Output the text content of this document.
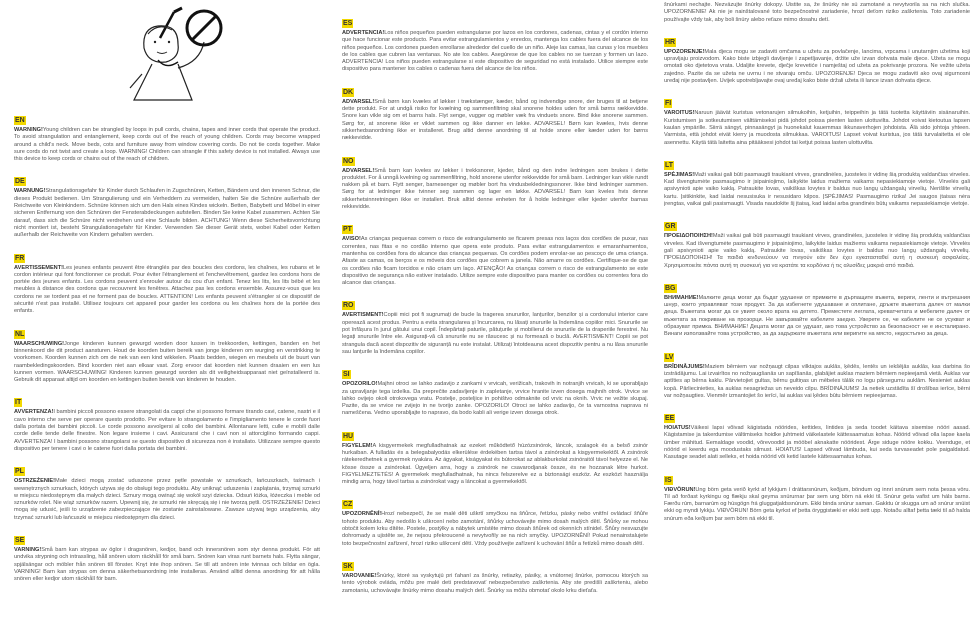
EN
WARNING!Young children can be strangled by loops in pull cords, chains, tapes and inner cords that operate the product. To avoid strangulation and entanglement, keep cords out of the reach of young children. Cords may become wrapped around a child's neck. Move beds, cots and furniture away from window covering cords. Do not tie cords together. Make sure cords do not twist and create a loop. WARNING! Children can strangle if this safety device is not installed. Always use this device to keep cords or chains out of the reach of children.
DE
WARNUNG!Strangulationsgefahr für Kinder durch Schlaufen in Zugschnüren, Ketten, Bändern und den inneren Schnur, die dieses Produkt bedienen. Um Strangulierung und ein Verheddern zu vermeiden, halten Sie die Schnüre außerhalb der Reichweite von Kleinkindern. Schnüre können sich um den Hals eines Kindes wickeln. Betten, Babybett und Möbel in einer sicheren Entfernung von den Schnüren der Fensterabdeckungen aufstellen. Binden Sie keine Kabel zusammen. Achten Sie darauf, dass sich die Schnüre nicht verdrehen und eine Schlaufe bilden. ACHTUNG! Wenn diese Sicherheitsvorrichtung nicht montiert ist, besteht Strangulationsgefahr für Kinder. Verwenden Sie dieser Gerät stets, wobei Kabel oder Ketten außerhalb der Reichweite von Kindern gehalten werden.
FR
AVERTISSEMENT!Les jeunes enfants peuvent être étranglés par des boucles des cordons, les chaînes, les rubans et le cordon intérieur qui font fonctionner ce produit. Pour éviter l'étranglement et l'enchevêtrement, gardez les cordons hors de portée des jeunes enfants. Les cordons peuvent s'enrouler autour du cou d'un enfant. Tenez les lits, les lits bébé et les meubles à distance des cordons que recouvrent les fenêtres. Attachez pas les cordons ensemble. Assurez-vous que les cordons ne se tordent pas et ne forment pas de boucles. ATTENTION! Les enfants peuvent s'étrangler si ce dispositif de sécurité n'est pas installé. Utilisez toujours cet appareil pour garder les cordons ou les chaînes hors de la portée des enfants.
NL
WAARSCHUWING!Jonge kinderen kunnen gewurgd worden door lussen in trekkoorden, kettingen, banden en het binnenkoord die dit product aansturen. Houd de koorden buiten bereik van jonge kinderen om wurging en verstrikking te voorkomen. Koorden kunnen zich om de nek van een kind wikkelen. Plaats bedden, wiegen en meubels uit de buurt van raambekledingskoorden. Bind koorden niet aan elkaar vast. Zorg ervoor dat koorden niet kunnen draaien en een lus kunnen vormen. WAARSCHUWING! Kinderen kunnen gewurgd worden als dit veiligheidsapparaat niet geïnstalleerd is. Gebruik dit apparaat altijd om koorden en kettingen buiten bereik van kinderen te houden.
IT
AVVERTENZA!I bambini piccoli possono essere strangolati da cappi che si possono formare tirando cavi, catene, nastri e il cavo interno che serve per operare questo prodotto. Per evitare lo strangolamento e l'impigliamento tenere le corde fuori dalla portata dei bambini piccoli. Le corde possono avvolgersi al collo dei bambini. Allontanare letti, culle e mobili dalle corde delle tende delle finestre. Non legare insieme i cavi. Assicurarsi che i cavi non si attorciglino formando cappi. AVVERTENZA! I bambini possono strangolarsi se questo dispositivo di sicurezza non è installato. Utilizzare sempre questo dispositivo per tenere i cavi o le catene fuori dalla portata dei bambini.
PL
OSTRZEŻENIE!Małe dzieci mogą zostać uduszone przez pętle powstałe w sznurkach, łańcuszkach, taśmach i wewnętrznych sznurkach, których używa się do obsługi tego produktu. Aby uniknąć uduszenia i zaplątania, trzymaj sznurki w miejscu niedostępnym dla małych dzieci. Sznury mogą owinąć się wokół szyi dziecka. Odsuń łóżka, łóżeczka i meble od sznurków rolet. Nie wiąż sznurków razem. Upewnij się, że sznurki nie skręcają się i nie tworzą pętli. OSTRZEŻENIE! Dzieci mogą się udusić, jeśli to urządzenie zabezpieczające nie zostanie zainstalowane. Zawsze używaj tego urządzenia, aby trzymać sznurki lub łańcuszki w miejscu niedostępnym dla dzieci.
SE
VARNING!Små barn kan strypas av öglor i dragsnören, kedjor, band och innersnören som styr denna produkt. För att undvika strypning och intrassling, håll snören utom räckhåll för små barn. Snören kan viras runt barnets hals. Flytta sängar, spjälsängar och möbler från snören till fönster. Knyt inte ihop snören. Se till att snören inte tvinnas och bildar en ögla. VARNING! Barn kan strypas om denna säkerhetsanordning inte installeras. Använd alltid denna anordning för att hålla snören eller kedjor utom räckhåll för barn.
ES
ADVERTENCIA!Los niños pequeños pueden estrangularse por lazos en los cordones, cadenas, cintas y el cordón interno que hace funcionar este producto. Para evitar estrangulamientos y enredos, mantenga los cables fuera del alcance de los niños pequeños. Los cordones pueden enrollarse alrededor del cuello de un niño. Aleje las camas, las cunas y los muebles de los cables que cubren las ventanas. No ate los cables. Asegúrese de que los cables no se tuerzan y formen un lazo. ADVERTENCIA! Los niños pueden estrangularse si este dispositivo de seguridad no está instalado. Utilice siempre este dispositivo para mantener los cables o cadenas fuera del alcance de los niños.
DK
ADVARSEL!Små børn kan kvæles af løkker i trækstænger, kæder, bånd og indvendige snore, der bruges til at betjene dette produkt. For at undgå risiko for kvælning og sammenfiltring skal snorene holdes uden for små børns rækkevidde. Snore kan vikle sig om et barns hals. Flyt senge, vugger og møbler væk fra vinduets snore. Bind ikke snorene sammen. Sørg for, at snorene ikke er viklet sammen og ikke danner en løkke. ADVARSEL! Børn kan kvæles, hvis denne sikkerhedsanordning ikke er installeret. Brug altid denne anordning til at holde snore eller kæder uden for børns rækkevidde.
NO
ADVARSEL!Små barn kan kveles av løkker i trekksnorer, kjeder, bånd og den indre ledningen som brukes i dette produktet. For å unngå kvelning og sammenfiltring, hold snorene utenfor rekkevidde for små barn. Ledninger kan vikle rundt nakken på et barn. Flytt senger, barnesenger og møbler bort fra vindusbekledningssnorer. Ikke bind ledninger sammen. Sørg for at ledninger ikke tvinner seg sammen og lager en løkke. ADVARSEL! Barn kan kveles hvis denne sikkerhetsinnretningen ikke er installert. Bruk alltid denne enheten for å holde ledninger eller kjeder utenfor barnas rekkevidde.
PT
AVISO!As crianças pequenas correm o risco de estrangulamento se ficarem presas nos laços dos cordões de puxar, nas correntes, nas fitas e no cordão interno que opera este produto. Para evitar estrangulamentos e emaranhamentos, mantenha os cordões fora do alcance das crianças pequenas. Os cordões podem enrolar-se ao pescoço de uma criança. Afaste as camas, os berços e os móveis dos cordões que cobrem a janela. Não amarre os cordões. Certifique-se de que os cordões não ficam torcidos e não criam um laço. ATENÇÃO! As crianças correm o risco de estrangulamento se este dispositivo de segurança não estiver instalado. Utilize sempre este dispositivo para manter os cordões ou correntes fora do alcance das crianças.
RO
AVERTISMENT!Copiii mici pot fi sugrumați de bucle la tragerea snururilor, lanțurilor, benzilor și a cordonului interior care operează acest produs. Pentru a evita strangularea și încurcarea, nu lăsați snururile la îndemâna copiilor mici. Snururile se pot înfășura în jurul gâtului unui copil. Îndepărtați paturile, pătuțurile și mobilierul de snururile de la draperiile ferestrei. Nu legați snururile între ele. Asigurați-vă că snururile nu se răsucesc și nu formează o buclă. AVERTISMENT! Copiii se pot strangula dacă acest dispozitiv de siguranță nu este instalat. Utilizați întotdeauna acest dispozitiv pentru a nu lăsa snururile sau lanțurile la îndemâna copiilor.
SI
OPOZORILO!Majhni otroci se lahko zadavijo z zankami v vrvicah, verižicah, trakovih in notranjih vrvicah, ki se uporabljajo za upravljanje tega izdelka. Da preprečite zadavljenje in zapletanje, vrvice hranite izven dosega majhnih otrok. Vrvice se lahko ovijejo okoli otrokovega vratu. Postelje, posteljice in pohištvo odmaknite od vrvic na oknih. Vrvic ne vežite skupaj. Pazite, da se vrvice ne zvijejo in ne tvorijo zanke. OPOZORILO! Otroci se lahko zadavijo, če ta varnostna naprava ni nameščena. Vedno uporabljajte to napravo, da bodo kabli ali verige izven dosega otrok.
HU
FIGYELEM!A kisgyermekek megfulladhatnak az ezeket működtető húzózsinórok, láncok, szalagok és a belső zsinór hurkaiban. A fulladás és a belegabalyodás elkerülése érdekében tartsa távol a zsinórokat a kisgyermekektől. A zsinórok rátekeredhetnek a gyermek nyakára. Az ágyakat, kiságyakat és bútorokat az ablakburkolat zsinóraitól távol helyezze el. Ne kösse össze a zsinórokat. Ügyeljen arra, hogy a zsinórok ne csavarodjanak össze, és ne hozzanak létre hurkot. FIGYELMEZTETÉS! A gyermekek megfulladhatnak, ha nincs felszerelve ez a biztonsági eszköz. Az eszközt használja mindig arra, hogy távol tartsa a zsinórokat vagy a láncokat a gyermekektől.
CZ
UPOZORNĚNÍ!Hrozí nebezpečí, že se malé děti uškrtí smyčkou na šňůrce, řetízku, pásky nebo vnitřní ovládací šňůře tohoto produktu. Aby nedošlo k uškrcení nebo zamotání, šňůrky uchovávejte mimo dosah malých dětí. Šňůrky se mohou obtočit kolem krku dítěte. Postele, postýlky a nábytek umístěte mimo dosah šňůrek od okenních stínidel. Šňůry nesvazujte dohromady a ujistěte se, že nejsou překroucené a nevytvořily se na nich smyčky. UPOZORNĚNÍ! Pokud nenainstalujete toto bezpečnostní zařízení, hrozí riziko uškrcení dětí. Vždy používejte zařízení k uchování šňůr a řetízků mimo dosah dětí.
SK
VAROVANIE!Šnúrky, ktoré sa vyskytujú pri ťahaní za šnúrky, retiazky, pásiky, a vnútornej šnúrke, pomocou ktorých sa tento výrobok ovláda, môžu pre malé deti predstavovať nebezpečenstvo zaškrtenia. Aby ste predišli zaškrteniu, alebo zamotaniu, uchovávajte šnúrky mimo dosahu malých detí. Šnúrky sa môžu obmotať okolo krku dieťaťa.
šnúrkami nechajte. Nezväzujte šnúrky dokopy. Uistite sa, že šnúrky nie sú zamotané a nevytvorila sa na nich slučka. UPOZORNENIE! Ak nie je nainštalované toto bezpečnostné zariadenie, hrozí deťom riziko zaškrtenia. Toto zariadenie používajte vždy tak, aby boli šnúry alebo reťaze mimo dosahu detí.
HR
UPOZORENJE!Mala djeca mogu se zadaviti omčama u užetu za povlačenje, lancima, vrpcama i unutarnjim užetima koji upravljaju proizvodom. Kako biste izbjegli davljenje i zapetljavanje, držite uže izvan dohvata male djece. Užeta se mogu omotati oko djetetova vrata. Udaljite krevete, dječje krevetiće i namještaj od užeta za pokrivanje prozora. Ne vežite užeta zajedno. Pazite da se užeta ne uvrnu i ne stvaraju omču. UPOZORENJE! Djeca se mogu zadaviti ako ovaj sigurnosni uređaj nije postavljen. Uvijek upotrebljavajte ovaj uređaj kako biste držali užeta ili lance izvan dohvata djece.
FI
VAROITUS!Naruun jäävät kuristua vetonarujen silmukoihin, ketjuihin, teippeihin ja tätä tuotetta käyttäviin sisänaruihin. Kuristumisen ja sotkeutumisen välttämiseksi pidä johdot poissa pienten lasten ulottuvilta. Johdot voivat kietoutua lapsen kaulan ympärille. Siirrä sängyt, pinnasängyt ja huonekalut kauemmas ikkunaverhojen johdoista. Älä sido johtoja yhteen. Varmista, että johdot eivät kierry ja muodosta silmukkaa. VAROITUS! Lapset voivat kuristua, jos tätä turvalaitetta ei ole asennettu. Käytä tätä laitetta aina pitääksesi johdot tai ketjut poissa lasten ulottuvilta.
LT
SPĖJIMAS!Maži vaikai gali būti pasmaugti traukiant virves, grandinėles, juosteles ir vidinę šią produktą valdančias virveles. Kad išvengtumėte pasmaugimo ir įsipainiojimo, laikykite laidus mažiems vaikams nepasiekiamoje vietoje. Virvelės gali apsivynioti apie vaiko kaklą. Patraukite lovas, vaikiškas lovytes ir baldus nuo langų uždangalų virvelių. Nerišlite virvelių kartu. Įsitikinkite, kad laidai nesusisuka ir nesusidaro kilpos. ĮSPĖJIMAS! Pasmaugimo rizika! Jei saugos įtaisas nėra įrengtas, vaikai gali pasismaugti. Visada naudokite šį įtaisą, kad laidai arba grandinės būtų vaikams nepasiekiamoje vietoje.
GR
ΠΡΟΕΙΔΟΠΟΙΗΣΗ!Maži vaikai gali būti pasmaugti traukiant virves, grandinėles, juosteles ir vidinę šią produktą valdančias virveles. Kad išvengtumėte pasmaugimo ir įsipainiojimo, laikykite laidus mažiems vaikams nepasiekiamoje vietoje. Virvelės gali apsivynioti apie vaiko kaklą. Patraukite lovas, vaikiškas lovytes ir baldus nuo langų uždangalų virvelių. ΠΡΟΕΙΔΟΠΟΙΗΣΗ! Τα παιδιά κινδυνεύουν να πνιγούν εάν δεν έχει εγκατασταθεί αυτή η συσκευή ασφαλείας. Χρησιμοποιείτε πάντα αυτή τη συσκευή για να κρατάτε τα κορδόνια ή τις αλυσίδες μακριά από παιδιά.
BG
ВНИМАНИЕ!Малките деца могат да бъдат удушени от примките в дърпащите въжета, вериги, ленти и вътрешния шнур, които управляват този продукт. За да избегнете удушаване и оплитане, дръжте въжетата далеч от малки деца. Въжетата могат да се увият около врата на детето. Преместете леглата, креватчетата и мебелите далеч от въжетата за покриване на прозорци. Не завързвайте кабелите заедно. Уверете се, че кабелите не се усукват и образуват примка. ВНИМАНИЕ! Децата могат да се удушат, ако това устройство за безопасност не е инсталирано. Винаги използвайте това устройство, за да задържате въжетата или веригите на място, недостъпно за деца.
LV
BRĪDINĀJUMS!Maziem bērniem var nožņaugt cilpas vilktajos auklās, ķēdēs, lentēs un iekšējās auklās, kas darbina šo izstrādājumu. Lai izvairītos no nožņaugšanās un sapīšanās, glabājiet auklas maziem bērniem nepieejamā vietā. Auklas var aptīties ap bērna kaklu. Pārvietojiet gultas, bērnu gultiņas un mēbeles tālāk no logu pārsegumu auklām. Nesieniet auklas kopā. Pārliecinieties, ka auklas nesagriežas un neveido cilpu. BRĪDINĀJUMS! Ja netiek uzstādīta šī drošības ierīce, bērni var nožņaugties. Vienmēr izmantojiet šo ierīci, lai auklas vai ķēdes būtu bērniem nepieejamas.
EE
HOIATUS!Väikesi lapsi võivad kägistada nöörides, kettides, lintides ja seda toodet käitava sisemise nööri aasad. Kägistamise ja takerdumise vältimiseks hoidke juhtmeid väikelastele kättesaamatus kohas. Nöörid võivad olla lapse kaela ümber mähitud. Eemaldage voodid, võrevoodid ja mööbel aknakatte nööridest. Ärge siduge nööre kokku. Veenduge, et nöörid ei keerdu ega moodustaks silmust. HOIATUS! Lapsed võivad lämbuda, kui seda turvaseadet pole paigaldatud. Kasutage seadet alati selleks, et hoida nöörid või ketid lastele kättesaamatus kohas.
IS
VIÐVÖRUN!Ung börn geta verið kyrkt af lykkjum í dráttarsnúrum, keðjum, böndum og innri snúrum sem nota þessa vöru. Til að forðast kyrkingu og flækju skal geyma snúrurnar þar sem ung börn ná ekki til. Snúrur geta vafist um háls barns. Færðu rúm, barnarúm og húsgögn frá gluggatjaldssnúrum. Ekki binda snúrur saman. Gakktu úr skugga um að snúrur snúist ekki og myndi lykkju. VIÐVÖRUN! Börn geta kyrkst ef þetta öryggistæki er ekki sett upp. Notaðu alltaf þetta tæki til að halda snúrum eða keðjum þar sem börn ná ekki til.
